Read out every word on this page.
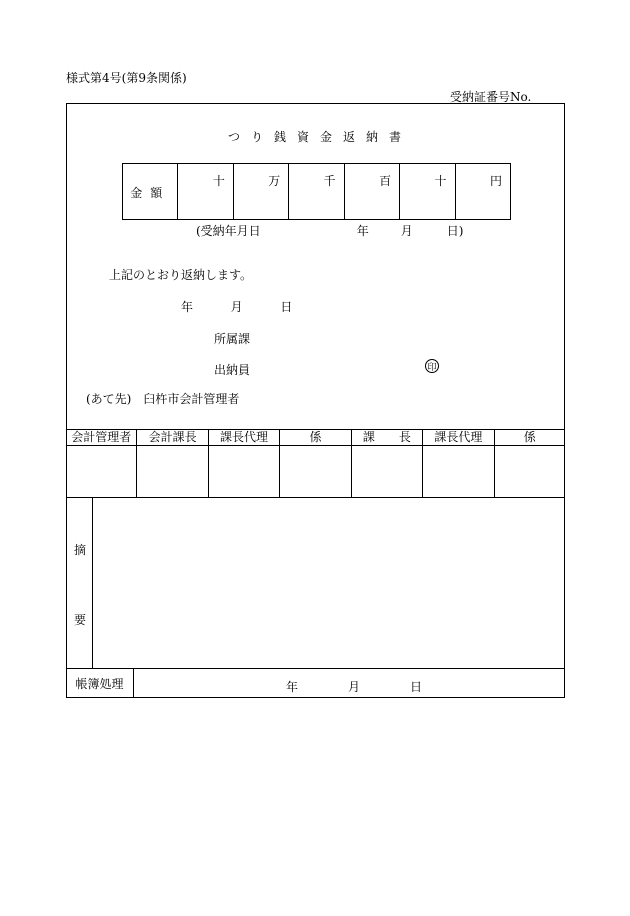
様式第4号(第9条関係)
受納証番号No.
つり銭資金返納書
金額
十	万	千	百	十	円
(受納年月日	年	月	日)
上記のとおり返納します。
年	月	日
所属課
出納員	印
(あて先) 臼杵市会計管理者
会計管理者	会計課長	課長代理	係	課　　長	課長代理	係
摘
要
帳簿処理	年	月	日
